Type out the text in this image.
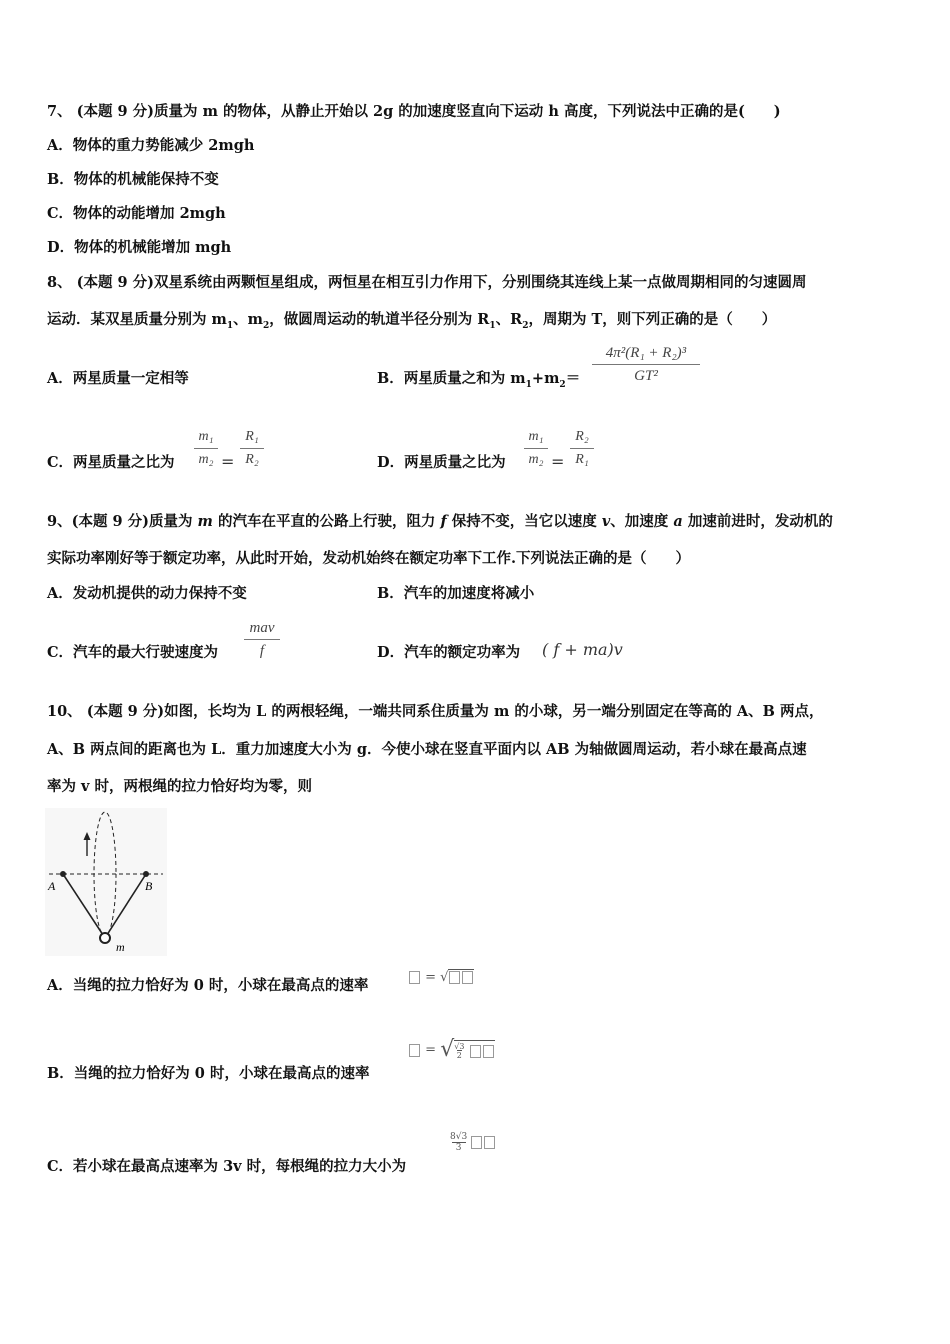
7、 (本题 9 分)质量为 m 的物体，从静止开始以 2g 的加速度竖直向下运动 h 高度，下列说法中正确的是(　　)
A．物体的重力势能减少 2mgh
B．物体的机械能保持不变
C．物体的动能增加 2mgh
D．物体的机械能增加 mgh
8、 (本题 9 分)双星系统由两颗恒星组成，两恒星在相互引力作用下，分别围绕其连线上某一点做周期相同的匀速圆周
运动．某双星质量分别为 $m_1$、$m_2$，做圆周运动的轨道半径分别为 $R_1$、$R_2$，周期为 T，则下列正确的是（　　）
A．两星质量一定相等	B．两星质量之和为 $m_1+m_2=$
4π²(R₁ + R₂)³
GT²
C．两星质量之比为
m₁
m₂ =
R₁
R₂	D．两星质量之比为
m₁
m₂ =
R₂
R₁
9、(本题 9 分)质量为 m 的汽车在平直的公路上行驶，阻力 f 保持不变，当它以速度 v、加速度 a 加速前进时，发动机的
实际功率刚好等于额定功率，从此时开始，发动机始终在额定功率下工作.下列说法正确的是（　　）
A．发动机提供的动力保持不变	B．汽车的加速度将减小
C．汽车的最大行驶速度为
mav
f	D．汽车的额定功率为 ( f + ma)v
10、 (本题 9 分)如图，长均为 L 的两根轻绳，一端共同系住质量为 m 的小球，另一端分别固定在等高的 A、B 两点，
A、B 两点间的距离也为 L．重力加速度大小为 g．今使小球在竖直平面内以 AB 为轴做圆周运动，若小球在最高点速
率为 v 时，两根绳的拉力恰好均为零，则
A	B
m
A．当绳的拉力恰好为 0 时，小球在最高点的速率	= √
B．当绳的拉力恰好为 0 时，小球在最高点的速率
= $√\frac{√3}{2}$
C．若小球在最高点速率为 3v 时，每根绳的拉力大小为
$\frac{8√3}{3}$
